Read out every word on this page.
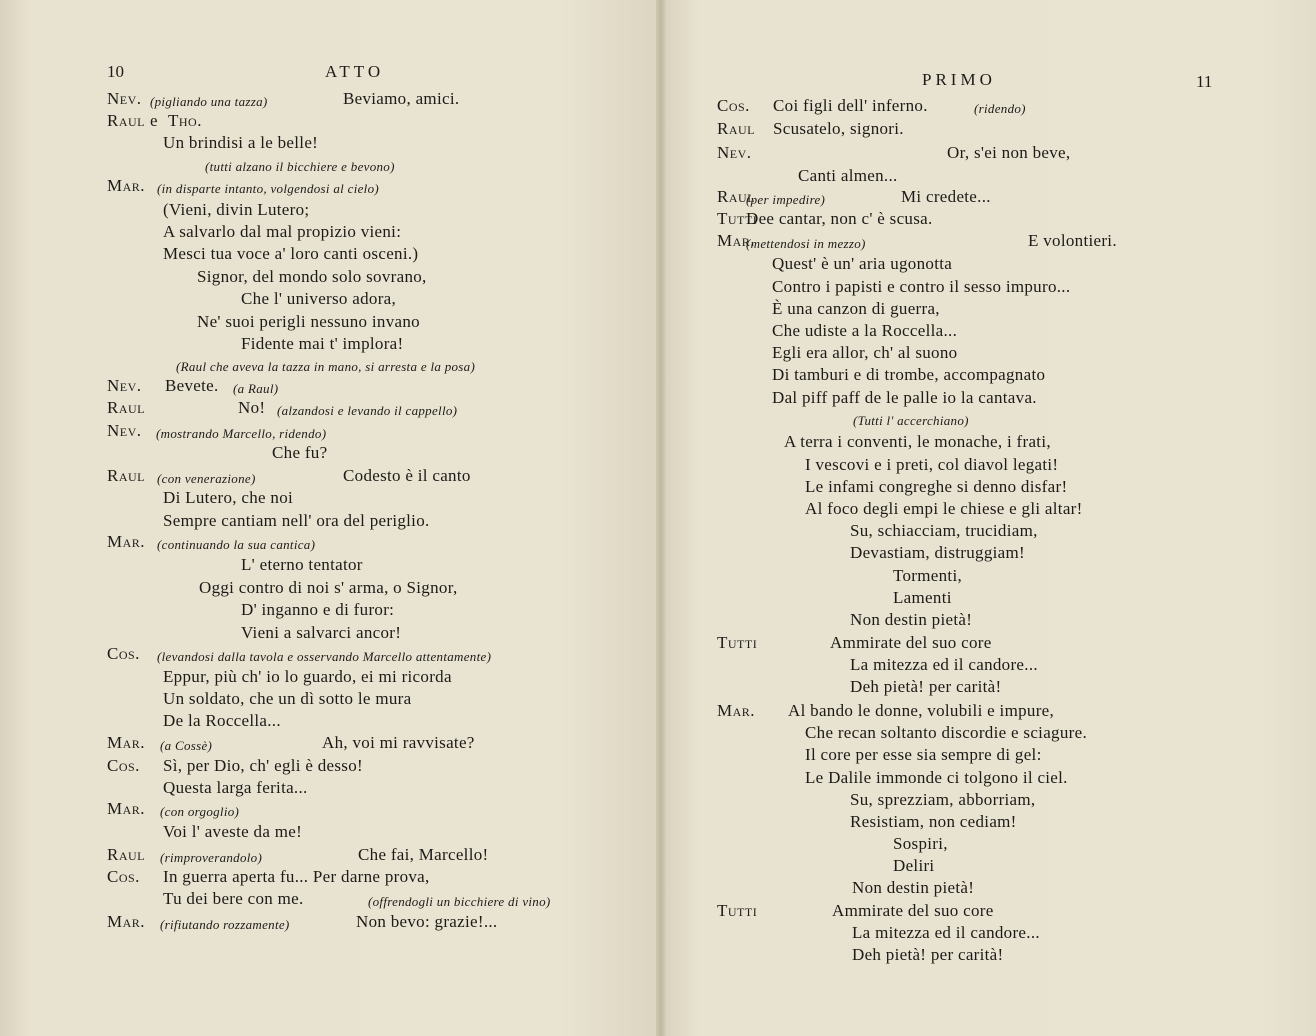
10	ATTO
Nev. (pigliando una tazza)	Beviamo, amici.
Raul e Tho.
Un brindisi a le belle!
(tutti alzano il bicchiere e bevono)
Mar. (in disparte intanto, volgendosi al cielo)
(Vieni, divin Lutero;
A salvarlo dal mal propizio vieni:
Mesci tua voce a' loro canti osceni.)
Signor, del mondo solo sovrano,
Che l' universo adora,
Ne' suoi perigli nessuno invano
Fidente mai t' implora!
(Raul che aveva la tazza in mano, si arresta e la posa)
Nev. Bevete. (a Raul)
Raul	No! (alzandosi e levando il cappello)
Nev. (mostrando Marcello, ridendo)
Che fu?
Raul (con venerazione)	Codesto è il canto
Di Lutero, che noi
Sempre cantiam nell' ora del periglio.
Mar. (continuando la sua cantica)
L' eterno tentator
Oggi contro di noi s' arma, o Signor,
D' inganno e di furor:
Vieni a salvarci ancor!
Cos. (levandosi dalla tavola e osservando Marcello attentamente)
Eppur, più ch' io lo guardo, ei mi ricorda
Un soldato, che un dì sotto le mura
De la Roccella...
Mar. (a Cossè)	Ah, voi mi ravvisate?
Cos. Sì, per Dio, ch' egli è desso!
Questa larga ferita...
Mar. (con orgoglio)
Voi l' aveste da me!
Raul (rimproverandolo)	Che fai, Marcello!
Cos. In guerra aperta fu... Per darne prova,
Tu dei bere con me.	(offrendogli un bicchiere di vino)
Mar. (rifiutando rozzamente)	Non bevo: grazie!...
PRIMO	11
Cos. Coi figli dell' inferno.	(ridendo)
Raul Scusatelo, signori.
Nev.	Or, s'ei non beve,
Canti almen...
Raul
(per impedire)	Mi credete...
Tutti
Dee cantar, non c' è scusa.
Mar.
(mettendosi in mezzo)	E volontieri.
Quest' è un' aria ugonotta
Contro i papisti e contro il sesso impuro...
È una canzon di guerra,
Che udiste a la Roccella...
Egli era allor, ch' al suono
Di tamburi e di trombe, accompagnato
Dal piff paff de le palle io la cantava.
(Tutti l' accerchiano)
A terra i conventi, le monache, i frati,
I vescovi e i preti, col diavol legati!
Le infami congreghe si denno disfar!
Al foco degli empi le chiese e gli altar!
Su, schiacciam, trucidiam,
Devastiam, distruggiam!
Tormenti,
Lamenti
Non destin pietà!
Tutti	Ammirate del suo core
La mitezza ed il candore...
Deh pietà! per carità!
Mar. Al bando le donne, volubili e impure,
Che recan soltanto discordie e sciagure.
Il core per esse sia sempre di gel:
Le Dalile immonde ci tolgono il ciel.
Su, sprezziam, abborriam,
Resistiam, non cediam!
Sospiri,
Deliri
Non destin pietà!
Tutti	Ammirate del suo core
La mitezza ed il candore...
Deh pietà! per carità!
